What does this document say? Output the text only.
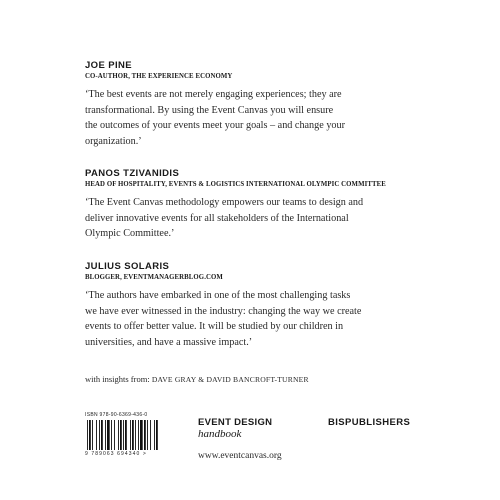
JOE PINE

CO-AUTHOR, THE EXPERIENCE ECONOMY

‘The best events are not merely engaging experiences; they are
transformational. By using the Event Canvas you will ensure
the outcomes of your events meet your goals – and change your
organization.’

PANOS TZIVANIDIS

HEAD OF HOSPITALITY, EVENTS & LOGISTICS INTERNATIONAL OLYMPIC COMMITTEE

‘The Event Canvas methodology empowers our teams to design and
deliver innovative events for all stakeholders of the International
Olympic Committee.’

JULIUS SOLARIS

BLOGGER, EVENTMANAGERBLOG.COM

‘The authors have embarked in one of the most challenging tasks
we have ever witnessed in the industry: changing the way we create
events to offer better value. It will be studied by our children in
universities, and have a massive impact.’

with insights from: DAVE GRAY & DAVID BANCROFT-TURNER
ISBN 978-90-6369-436-0
9 789063 694340 >
EVENT DESIGN
handbook
www.eventcanvas.org
BISPUBLISHERS
